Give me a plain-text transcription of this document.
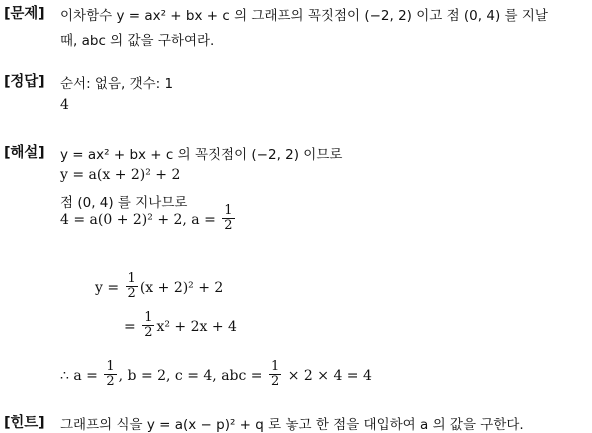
[문제] 이차함수 y = ax² + bx + c 의 그래프의 꼭짓점이 (−2, 2) 이고 점 (0, 4) 를 지날
때, abc 의 값을 구하여라.
[정답] 순서: 없음, 갯수: 1
4
[해설] y = ax² + bx + c 의 꼭짓점이 (−2, 2) 이므로
y = a(x + 2)² + 2
점 (0, 4) 를 지나므로
4 = a(0 + 2)² + 2, $a = \frac{1}{2}$
$y = \frac{1}{2} (x + 2)^2 + 2$
= $\frac{1}{2} x^2 + 2x + 4$
∴ $a = \frac{1}{2}$ , b = 2, c = 4, abc = $\frac{1}{2} \times 2 \times 4 = 4$
[힌트] 그래프의 식을 y = a(x − p)² + q 로 놓고 한 점을 대입하여 a 의 값을 구한다.
